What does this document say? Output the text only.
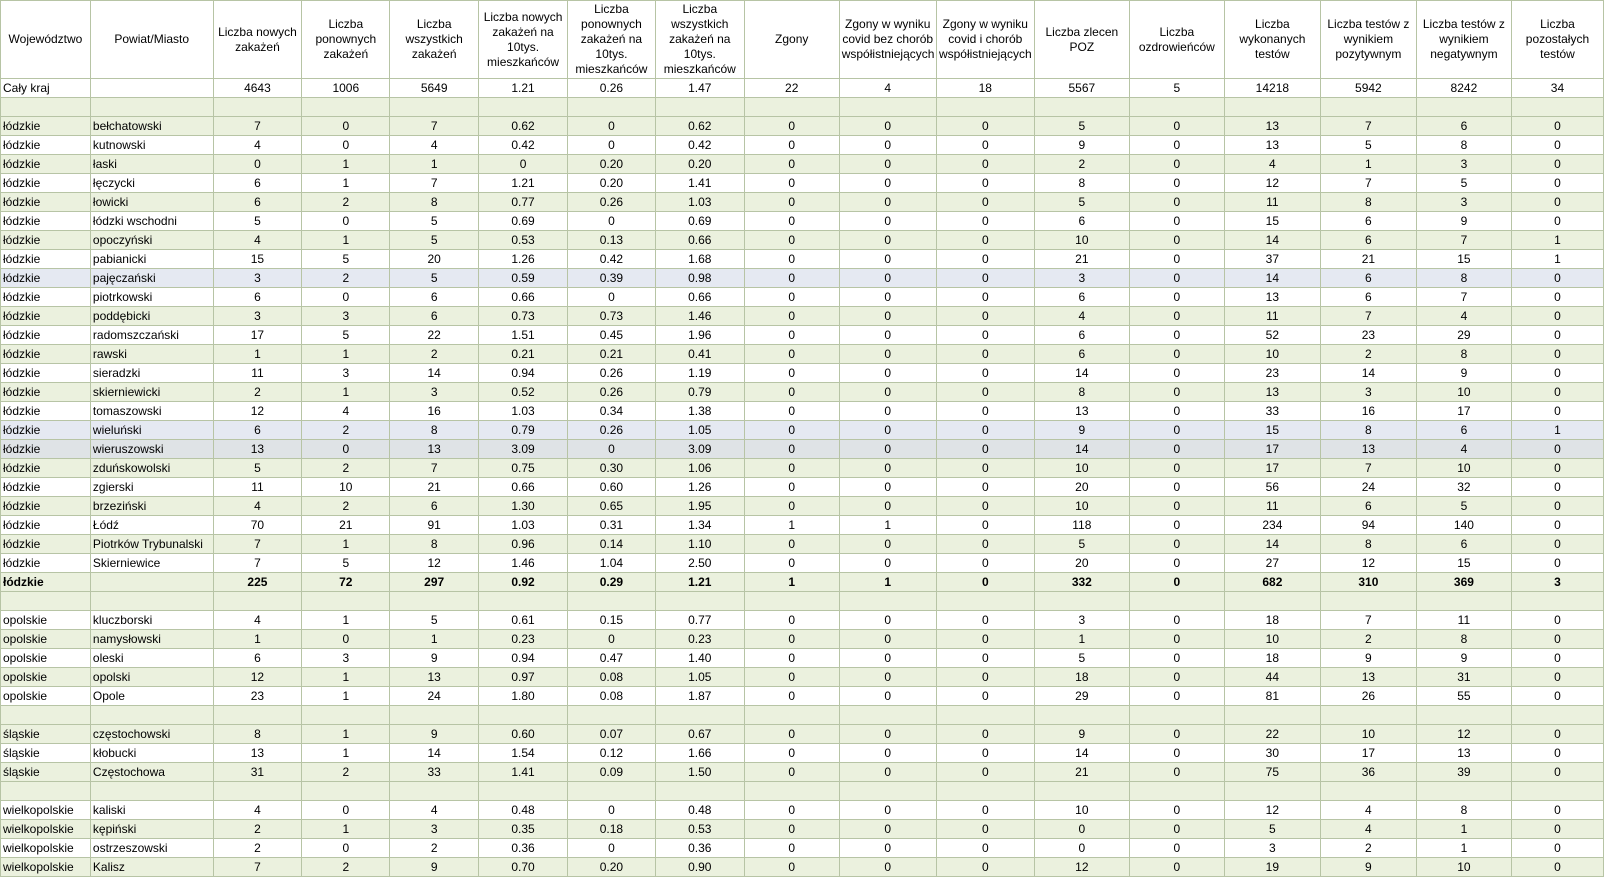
Województwo	Powiat/Miasto	Liczba nowych zakażeń	Liczba ponownych zakażeń	Liczba wszystkich zakażeń	Liczba nowych zakażeń na 10tys. mieszkańców	Liczba ponownych zakażeń na 10tys. mieszkańców	Liczba wszystkich zakażeń na 10tys. mieszkańców	Zgony	Zgony w wyniku covid bez chorób współistniejących	Zgony w wyniku covid i chorób współistniejących	Liczba zlecen POZ	Liczba ozdrowieńców	Liczba wykonanych testów	Liczba testów z wynikiem pozytywnym	Liczba testów z wynikiem negatywnym	Liczba pozostałych testów
Cały kraj		4643	1006	5649	1.21	0.26	1.47	22	4	18	5567	5	14218	5942	8242	34

łódzkie	bełchatowski	7	0	7	0.62	0	0.62	0	0	0	5	0	13	7	6	0
łódzkie	kutnowski	4	0	4	0.42	0	0.42	0	0	0	9	0	13	5	8	0
łódzkie	łaski	0	1	1	0	0.20	0.20	0	0	0	2	0	4	1	3	0
łódzkie	łęczycki	6	1	7	1.21	0.20	1.41	0	0	0	8	0	12	7	5	0
łódzkie	łowicki	6	2	8	0.77	0.26	1.03	0	0	0	5	0	11	8	3	0
łódzkie	łódzki wschodni	5	0	5	0.69	0	0.69	0	0	0	6	0	15	6	9	0
łódzkie	opoczyński	4	1	5	0.53	0.13	0.66	0	0	0	10	0	14	6	7	1
łódzkie	pabianicki	15	5	20	1.26	0.42	1.68	0	0	0	21	0	37	21	15	1
łódzkie	pajęczański	3	2	5	0.59	0.39	0.98	0	0	0	3	0	14	6	8	0
łódzkie	piotrkowski	6	0	6	0.66	0	0.66	0	0	0	6	0	13	6	7	0
łódzkie	poddębicki	3	3	6	0.73	0.73	1.46	0	0	0	4	0	11	7	4	0
łódzkie	radomszczański	17	5	22	1.51	0.45	1.96	0	0	0	6	0	52	23	29	0
łódzkie	rawski	1	1	2	0.21	0.21	0.41	0	0	0	6	0	10	2	8	0
łódzkie	sieradzki	11	3	14	0.94	0.26	1.19	0	0	0	14	0	23	14	9	0
łódzkie	skierniewicki	2	1	3	0.52	0.26	0.79	0	0	0	8	0	13	3	10	0
łódzkie	tomaszowski	12	4	16	1.03	0.34	1.38	0	0	0	13	0	33	16	17	0
łódzkie	wieluński	6	2	8	0.79	0.26	1.05	0	0	0	9	0	15	8	6	1
łódzkie	wieruszowski	13	0	13	3.09	0	3.09	0	0	0	14	0	17	13	4	0
łódzkie	zduńskowolski	5	2	7	0.75	0.30	1.06	0	0	0	10	0	17	7	10	0
łódzkie	zgierski	11	10	21	0.66	0.60	1.26	0	0	0	20	0	56	24	32	0
łódzkie	brzeziński	4	2	6	1.30	0.65	1.95	0	0	0	10	0	11	6	5	0
łódzkie	Łódź	70	21	91	1.03	0.31	1.34	1	1	0	118	0	234	94	140	0
łódzkie	Piotrków Trybunalski	7	1	8	0.96	0.14	1.10	0	0	0	5	0	14	8	6	0
łódzkie	Skierniewice	7	5	12	1.46	1.04	2.50	0	0	0	20	0	27	12	15	0
łódzkie		225	72	297	0.92	0.29	1.21	1	1	0	332	0	682	310	369	3

opolskie	kluczborski	4	1	5	0.61	0.15	0.77	0	0	0	3	0	18	7	11	0
opolskie	namysłowski	1	0	1	0.23	0	0.23	0	0	0	1	0	10	2	8	0
opolskie	oleski	6	3	9	0.94	0.47	1.40	0	0	0	5	0	18	9	9	0
opolskie	opolski	12	1	13	0.97	0.08	1.05	0	0	0	18	0	44	13	31	0
opolskie	Opole	23	1	24	1.80	0.08	1.87	0	0	0	29	0	81	26	55	0

śląskie	częstochowski	8	1	9	0.60	0.07	0.67	0	0	0	9	0	22	10	12	0
śląskie	kłobucki	13	1	14	1.54	0.12	1.66	0	0	0	14	0	30	17	13	0
śląskie	Częstochowa	31	2	33	1.41	0.09	1.50	0	0	0	21	0	75	36	39	0

wielkopolskie	kaliski	4	0	4	0.48	0	0.48	0	0	0	10	0	12	4	8	0
wielkopolskie	kępiński	2	1	3	0.35	0.18	0.53	0	0	0	0	0	5	4	1	0
wielkopolskie	ostrzeszowski	2	0	2	0.36	0	0.36	0	0	0	0	0	3	2	1	0
wielkopolskie	Kalisz	7	2	9	0.70	0.20	0.90	0	0	0	12	0	19	9	10	0
